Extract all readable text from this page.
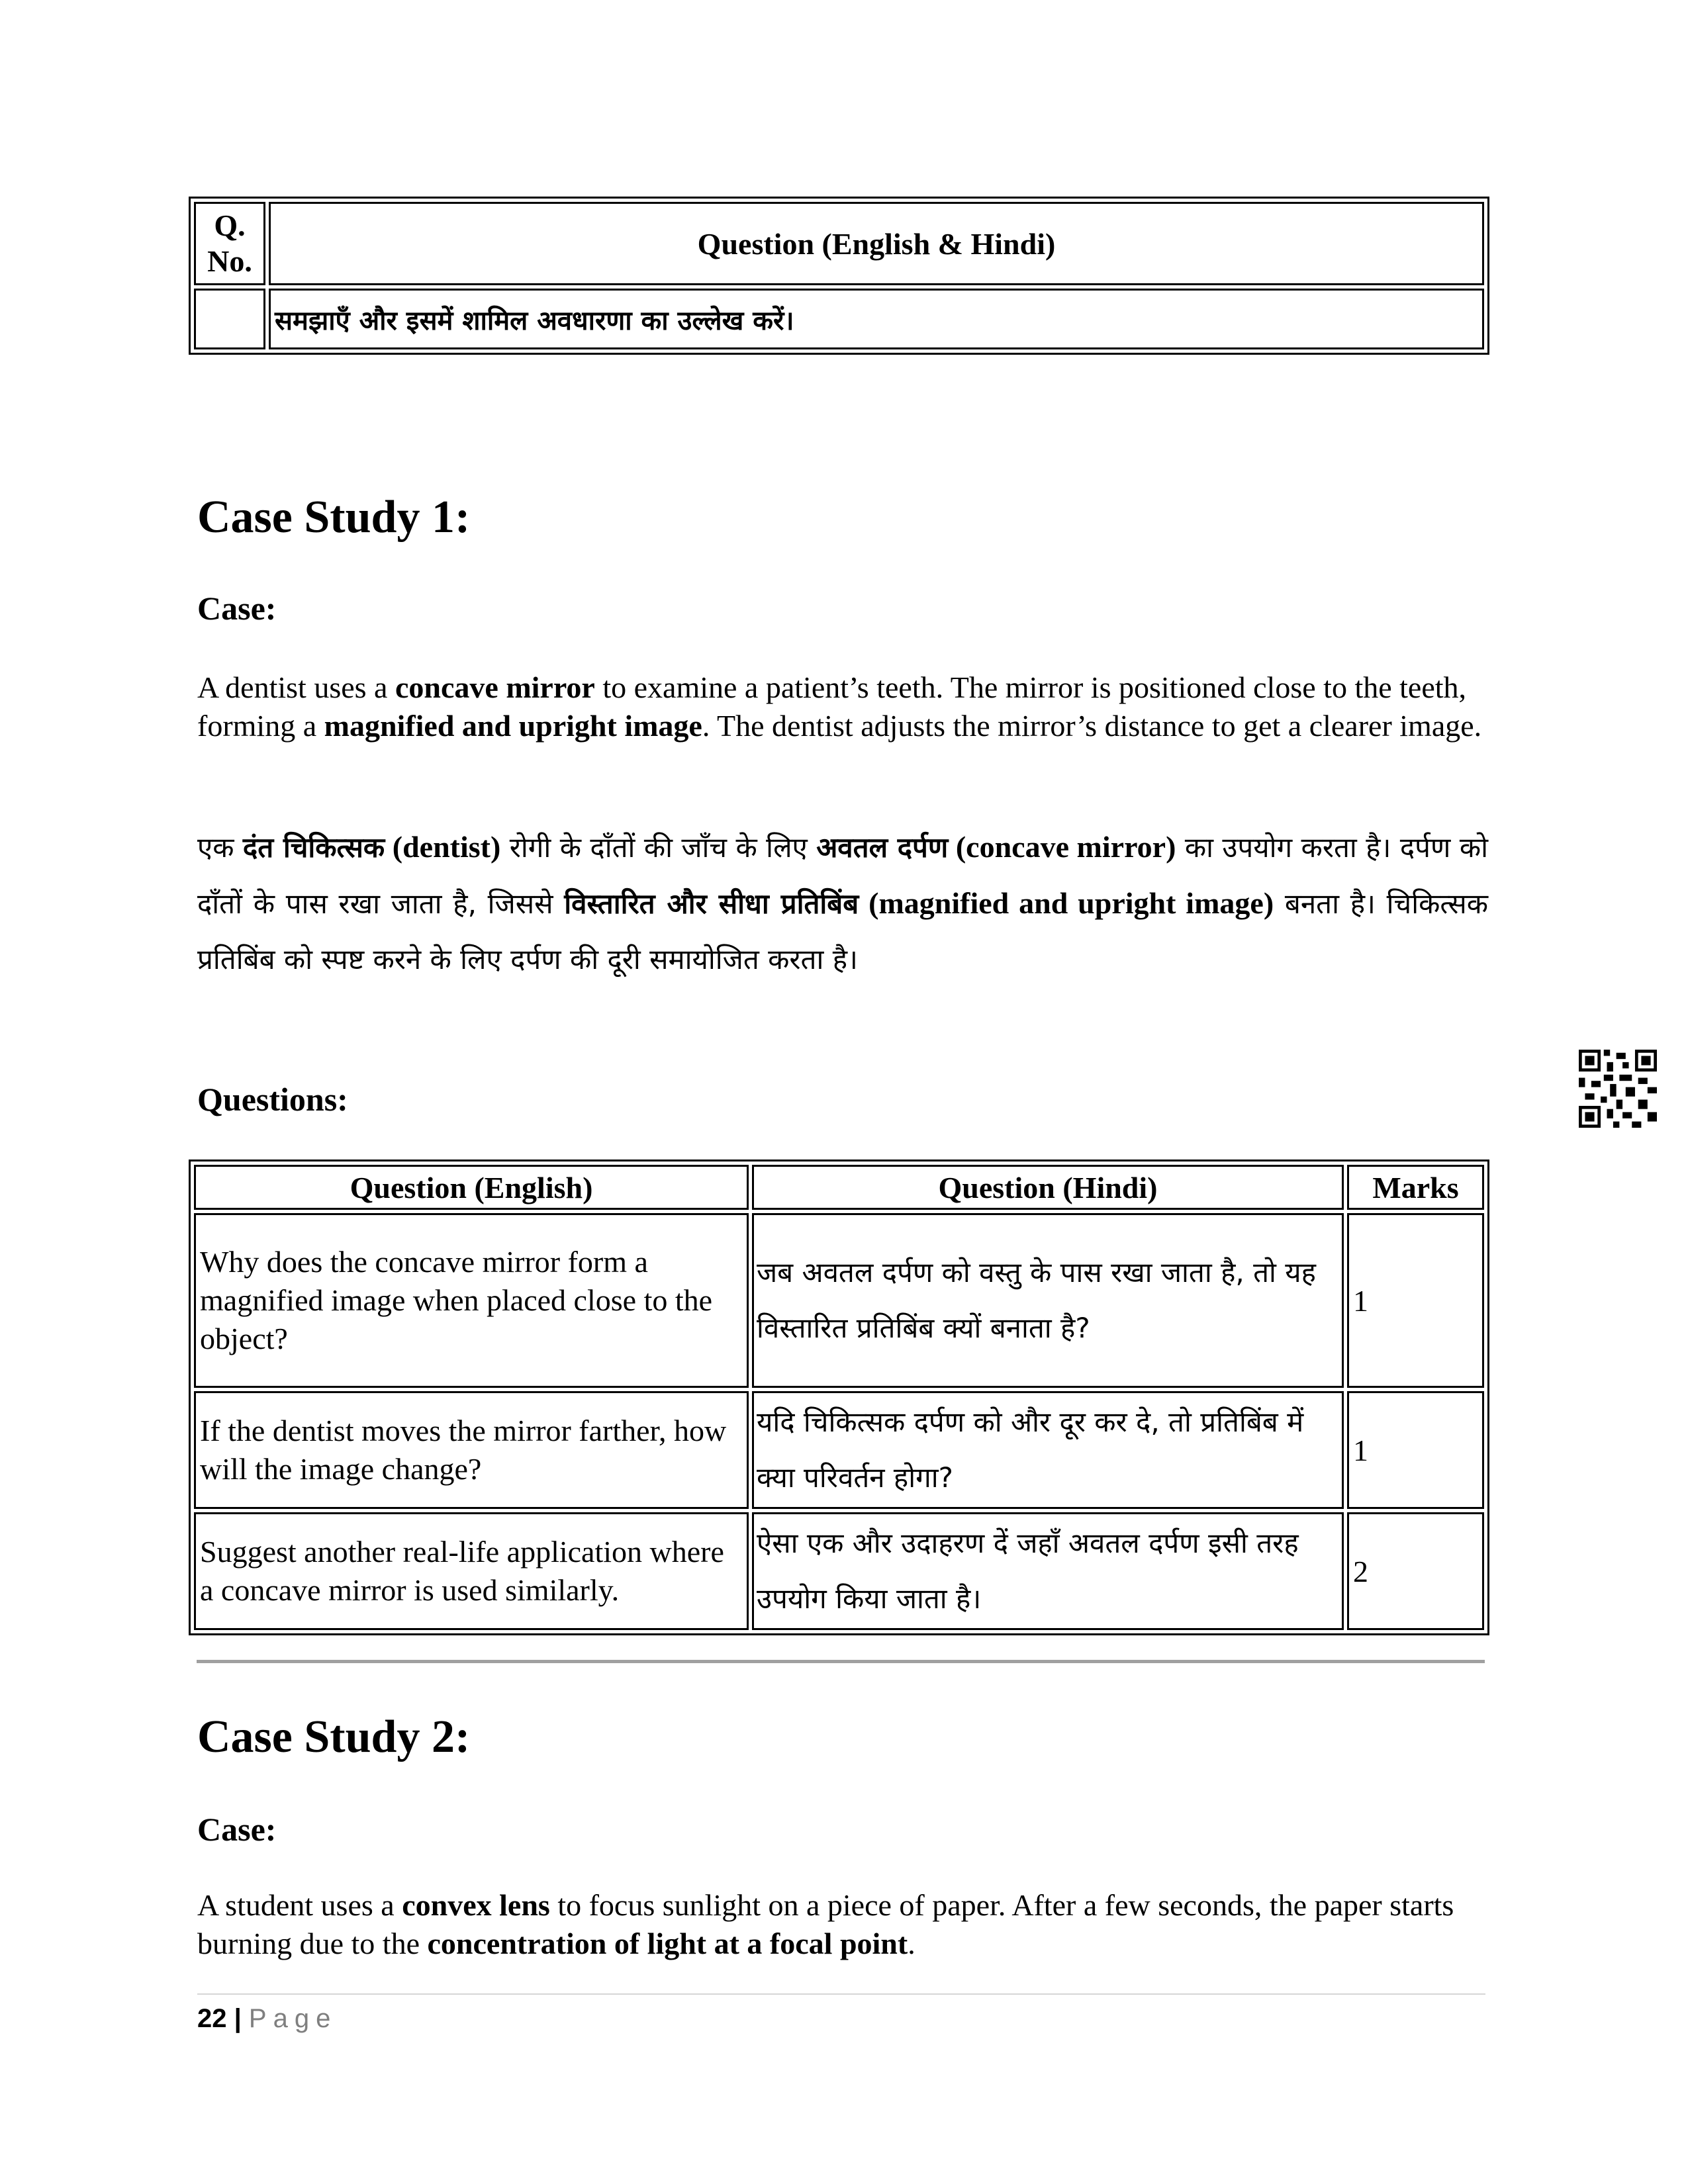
Q. No.	Question (English & Hindi)
	समझाएँ और इसमें शामिल अवधारणा का उल्लेख करें।
Case Study 1:
Case:
A dentist uses a concave mirror to examine a patient’s teeth. The mirror is positioned close to the teeth, forming a magnified and upright image. The dentist adjusts the mirror’s distance to get a clearer image.
एक दंत चिकित्सक (dentist) रोगी के दाँतों की जाँच के लिए अवतल दर्पण (concave mirror) का उपयोग करता है। दर्पण को दाँतों के पास रखा जाता है, जिससे विस्तारित और सीधा प्रतिबिंब (magnified and upright image) बनता है। चिकित्सक प्रतिबिंब को स्पष्ट करने के लिए दर्पण की दूरी समायोजित करता है।
Questions:
Question (English)	Question (Hindi)	Marks
Why does the concave mirror form a magnified image when placed close to the object?	जब अवतल दर्पण को वस्तु के पास रखा जाता है, तो यह विस्तारित प्रतिबिंब क्यों बनाता है?	1
If the dentist moves the mirror farther, how will the image change?	यदि चिकित्सक दर्पण को और दूर कर दे, तो प्रतिबिंब में क्या परिवर्तन होगा?	1
Suggest another real-life application where a concave mirror is used similarly.	ऐसा एक और उदाहरण दें जहाँ अवतल दर्पण इसी तरह उपयोग किया जाता है।	2
Case Study 2:
Case:
A student uses a convex lens to focus sunlight on a piece of paper. After a few seconds, the paper starts burning due to the concentration of light at a focal point.
22 | Page
